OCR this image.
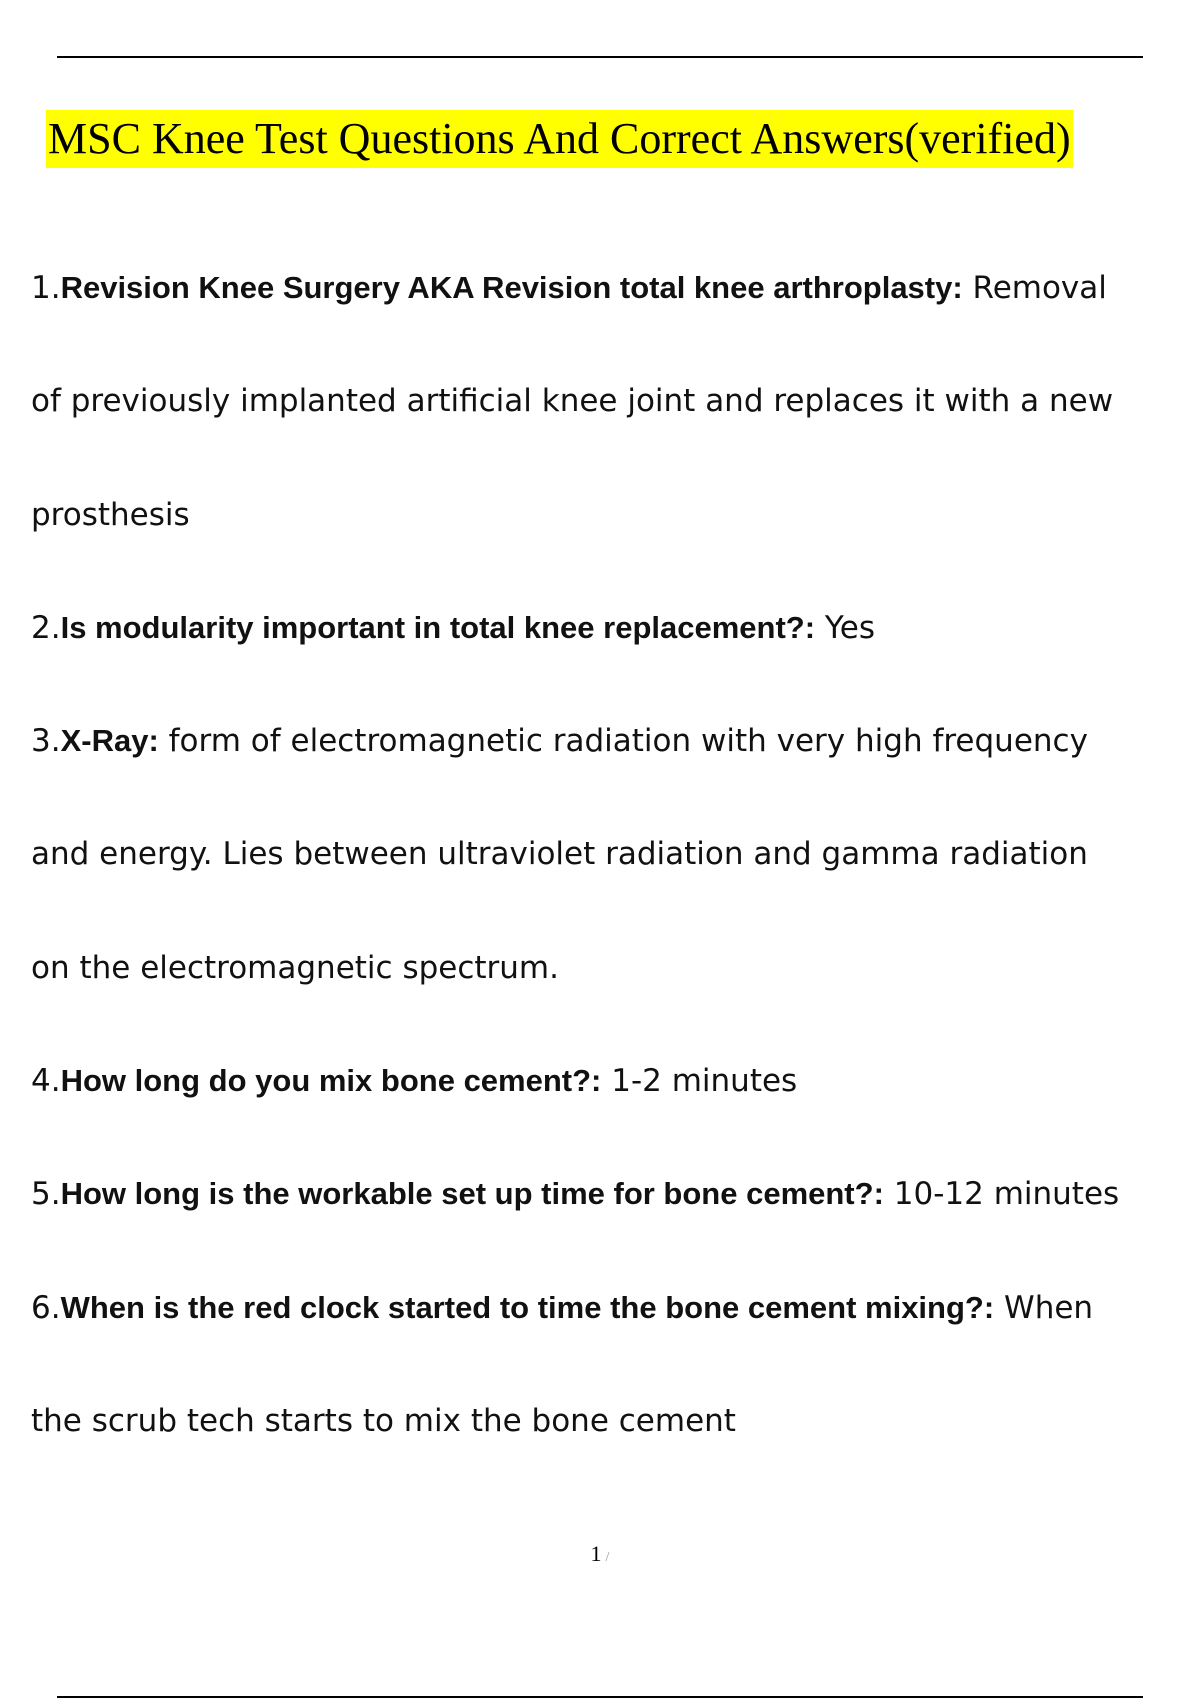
MSC Knee Test Questions And Correct Answers(verified)
1.Revision Knee Surgery AKA Revision total knee arthroplasty: Removal
of previously implanted artificial knee joint and replaces it with a new
prosthesis
2.Is modularity important in total knee replacement?: Yes
3.X-Ray: form of electromagnetic radiation with very high frequency
and energy. Lies between ultraviolet radiation and gamma radiation
on the electromagnetic spectrum.
4.How long do you mix bone cement?: 1-2 minutes
5.How long is the workable set up time for bone cement?: 10-12 minutes
6.When is the red clock started to time the bone cement mixing?: When
the scrub tech starts to mix the bone cement
1 /
